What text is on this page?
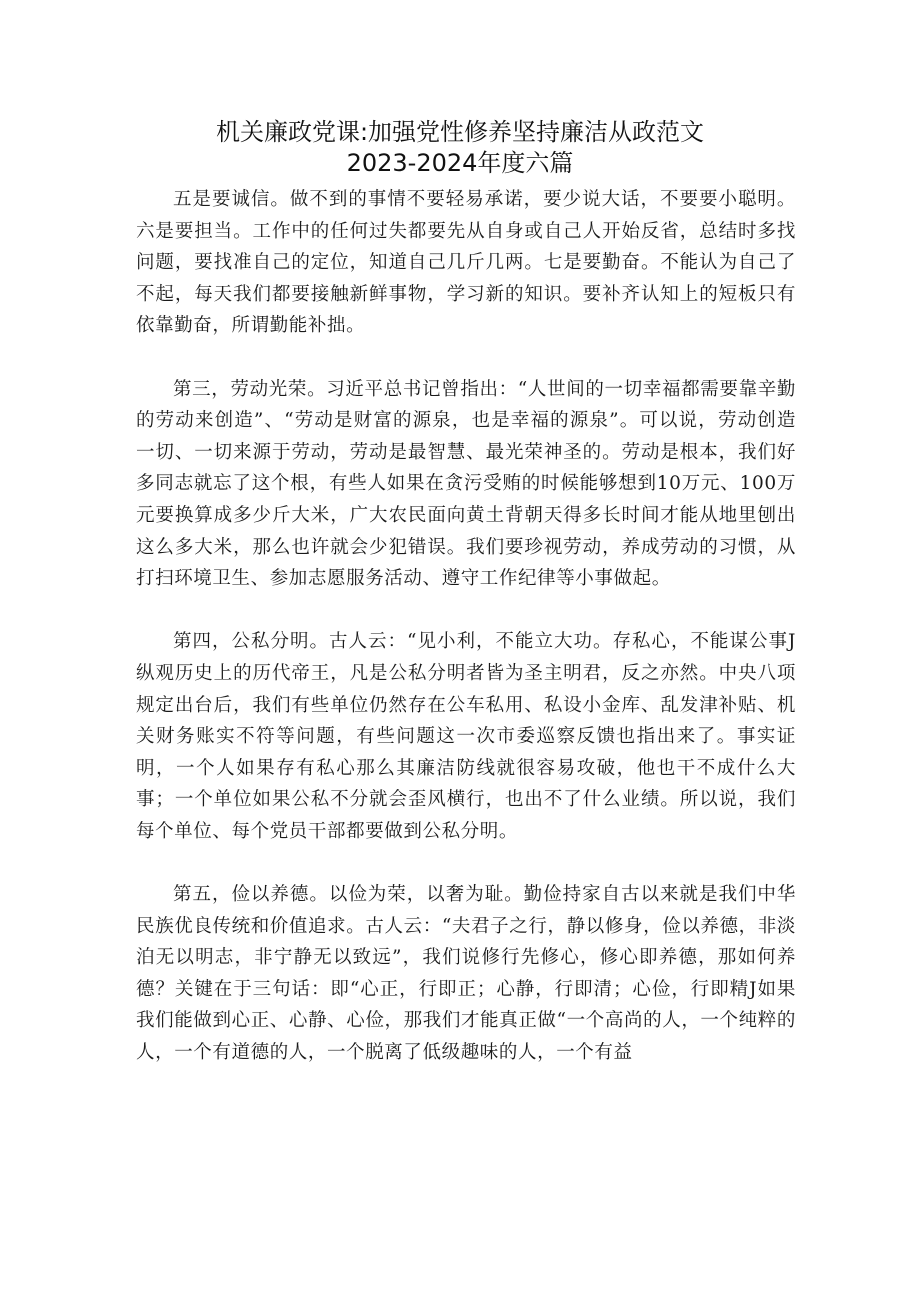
机关廉政党课:加强党性修养坚持廉洁从政范文
2023-2024年度六篇

五是要诚信。做不到的事情不要轻易承诺，要少说大话，不要要小聪明。六是要担当。工作中的任何过失都要先从自身或自己人开始反省，总结时多找问题，要找准自己的定位，知道自己几斤几两。七是要勤奋。不能认为自己了不起，每天我们都要接触新鲜事物，学习新的知识。要补齐认知上的短板只有依靠勤奋，所谓勤能补拙。

第三，劳动光荣。习近平总书记曾指出：“人世间的一切幸福都需要靠辛勤的劳动来创造”、“劳动是财富的源泉，也是幸福的源泉”。可以说，劳动创造一切、一切来源于劳动，劳动是最智慧、最光荣神圣的。劳动是根本，我们好多同志就忘了这个根，有些人如果在贪污受贿的时候能够想到10万元、100万元要换算成多少斤大米，广大农民面向黄土背朝天得多长时间才能从地里刨出这么多大米，那么也许就会少犯错误。我们要珍视劳动，养成劳动的习惯，从打扫环境卫生、参加志愿服务活动、遵守工作纪律等小事做起。

第四，公私分明。古人云：“见小利，不能立大功。存私心，不能谋公事J纵观历史上的历代帝王，凡是公私分明者皆为圣主明君，反之亦然。中央八项规定出台后，我们有些单位仍然存在公车私用、私设小金库、乱发津补贴、机关财务账实不符等问题，有些问题这一次市委巡察反馈也指出来了。事实证明，一个人如果存有私心那么其廉洁防线就很容易攻破，他也干不成什么大事；一个单位如果公私不分就会歪风横行，也出不了什么业绩。所以说，我们每个单位、每个党员干部都要做到公私分明。

第五，俭以养德。以俭为荣，以奢为耻。勤俭持家自古以来就是我们中华民族优良传统和价值追求。古人云：“夫君子之行，静以修身，俭以养德，非淡泊无以明志，非宁静无以致远”，我们说修行先修心，修心即养德，那如何养德？关键在于三句话：即“心正，行即正；心静，行即清；心俭，行即精J如果我们能做到心正、心静、心俭，那我们才能真正做“一个高尚的人，一个纯粹的人，一个有道德的人，一个脱离了低级趣味的人，一个有益
